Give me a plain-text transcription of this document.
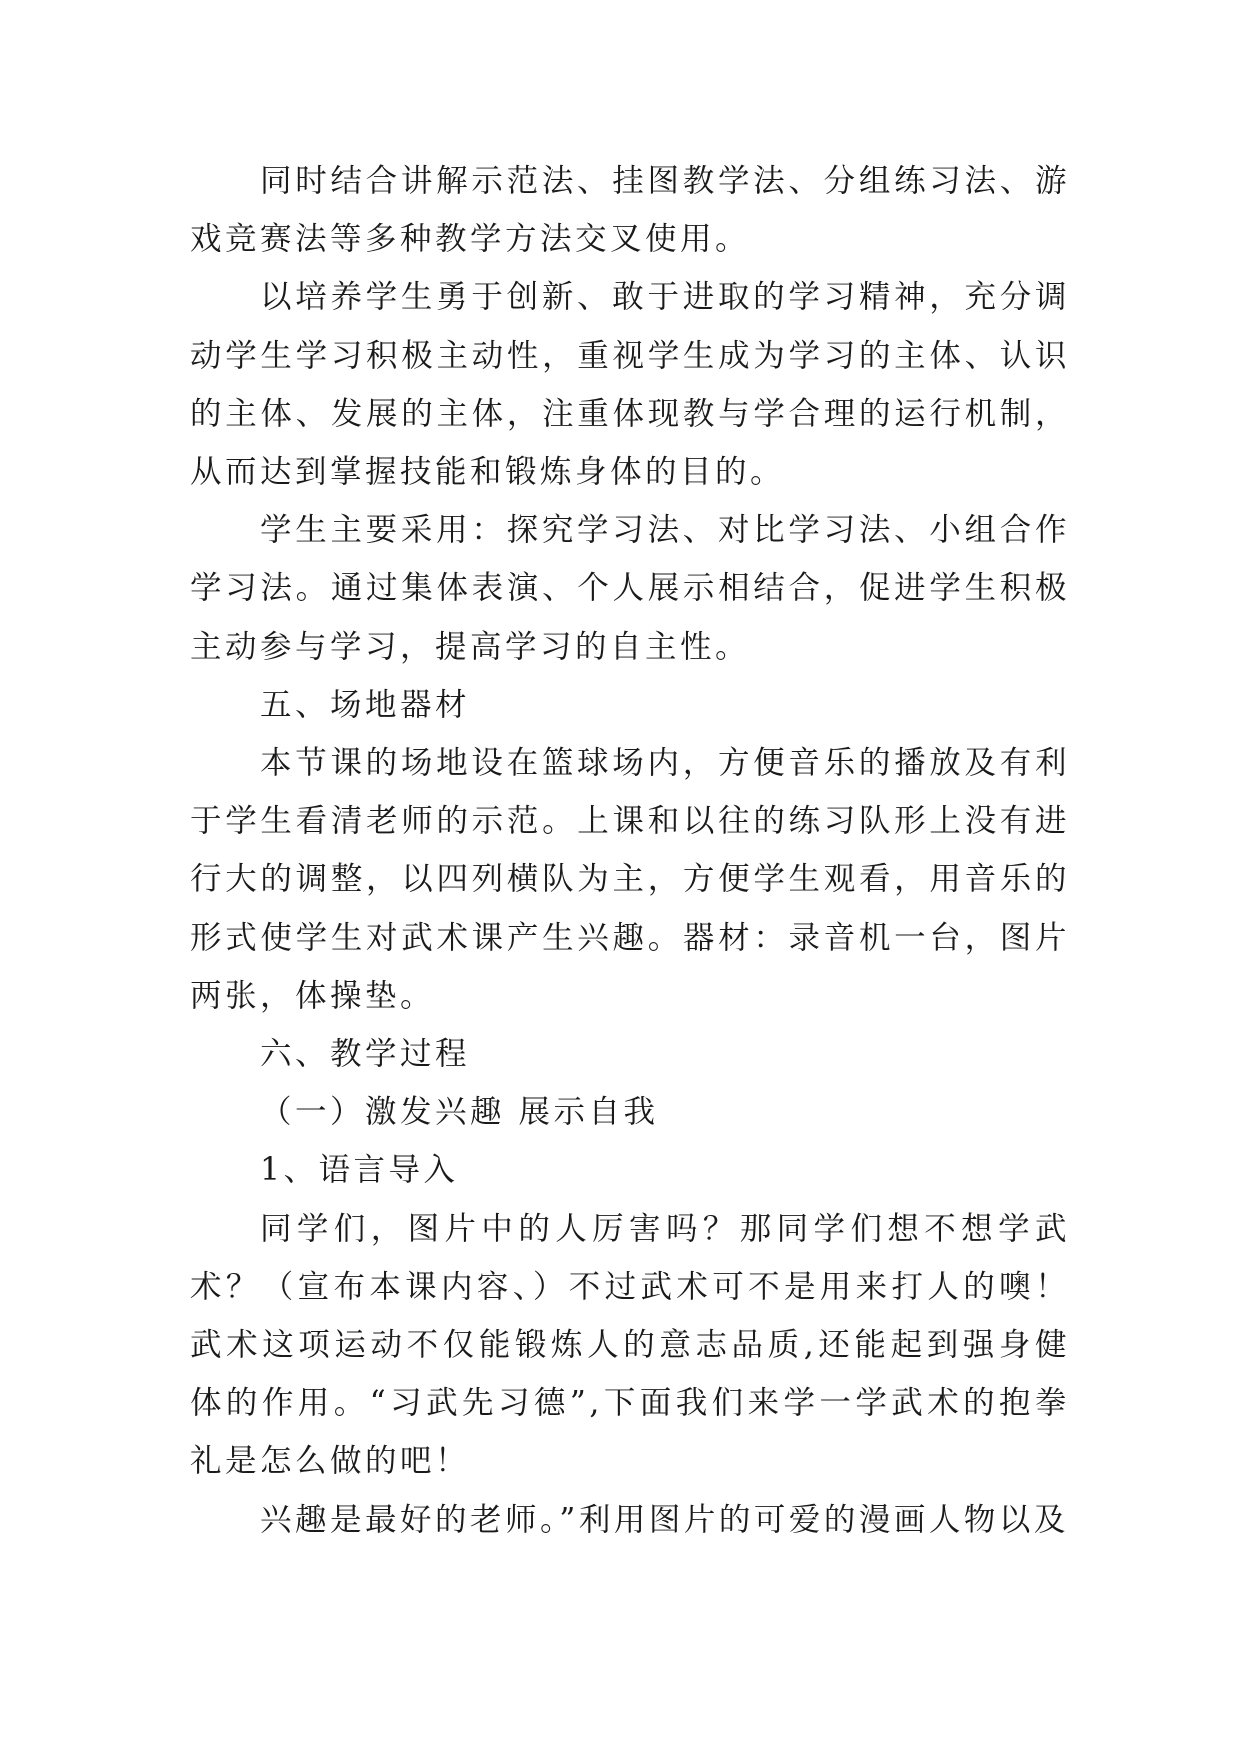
同时结合讲解示范法、挂图教学法、分组练习法、游戏竞赛法等多种教学方法交叉使用。

以培养学生勇于创新、敢于进取的学习精神，充分调动学生学习积极主动性，重视学生成为学习的主体、认识的主体、发展的主体，注重体现教与学合理的运行机制，从而达到掌握技能和锻炼身体的目的。

学生主要采用：探究学习法、对比学习法、小组合作学习法。通过集体表演、个人展示相结合，促进学生积极主动参与学习，提高学习的自主性。

五、场地器材

本节课的场地设在篮球场内，方便音乐的播放及有利于学生看清老师的示范。上课和以往的练习队形上没有进行大的调整，以四列横队为主，方便学生观看，用音乐的形式使学生对武术课产生兴趣。器材：录音机一台，图片两张，体操垫。

六、教学过程

（一）激发兴趣 展示自我

1、语言导入

同学们，图片中的人厉害吗？那同学们想不想学武术？（宣布本课内容、）不过武术可不是用来打人的噢！武术这项运动不仅能锻炼人的意志品质,还能起到强身健体的作用。“习武先习德”,下面我们来学一学武术的抱拳礼是怎么做的吧！

兴趣是最好的老师。”利用图片的可爱的漫画人物以及
